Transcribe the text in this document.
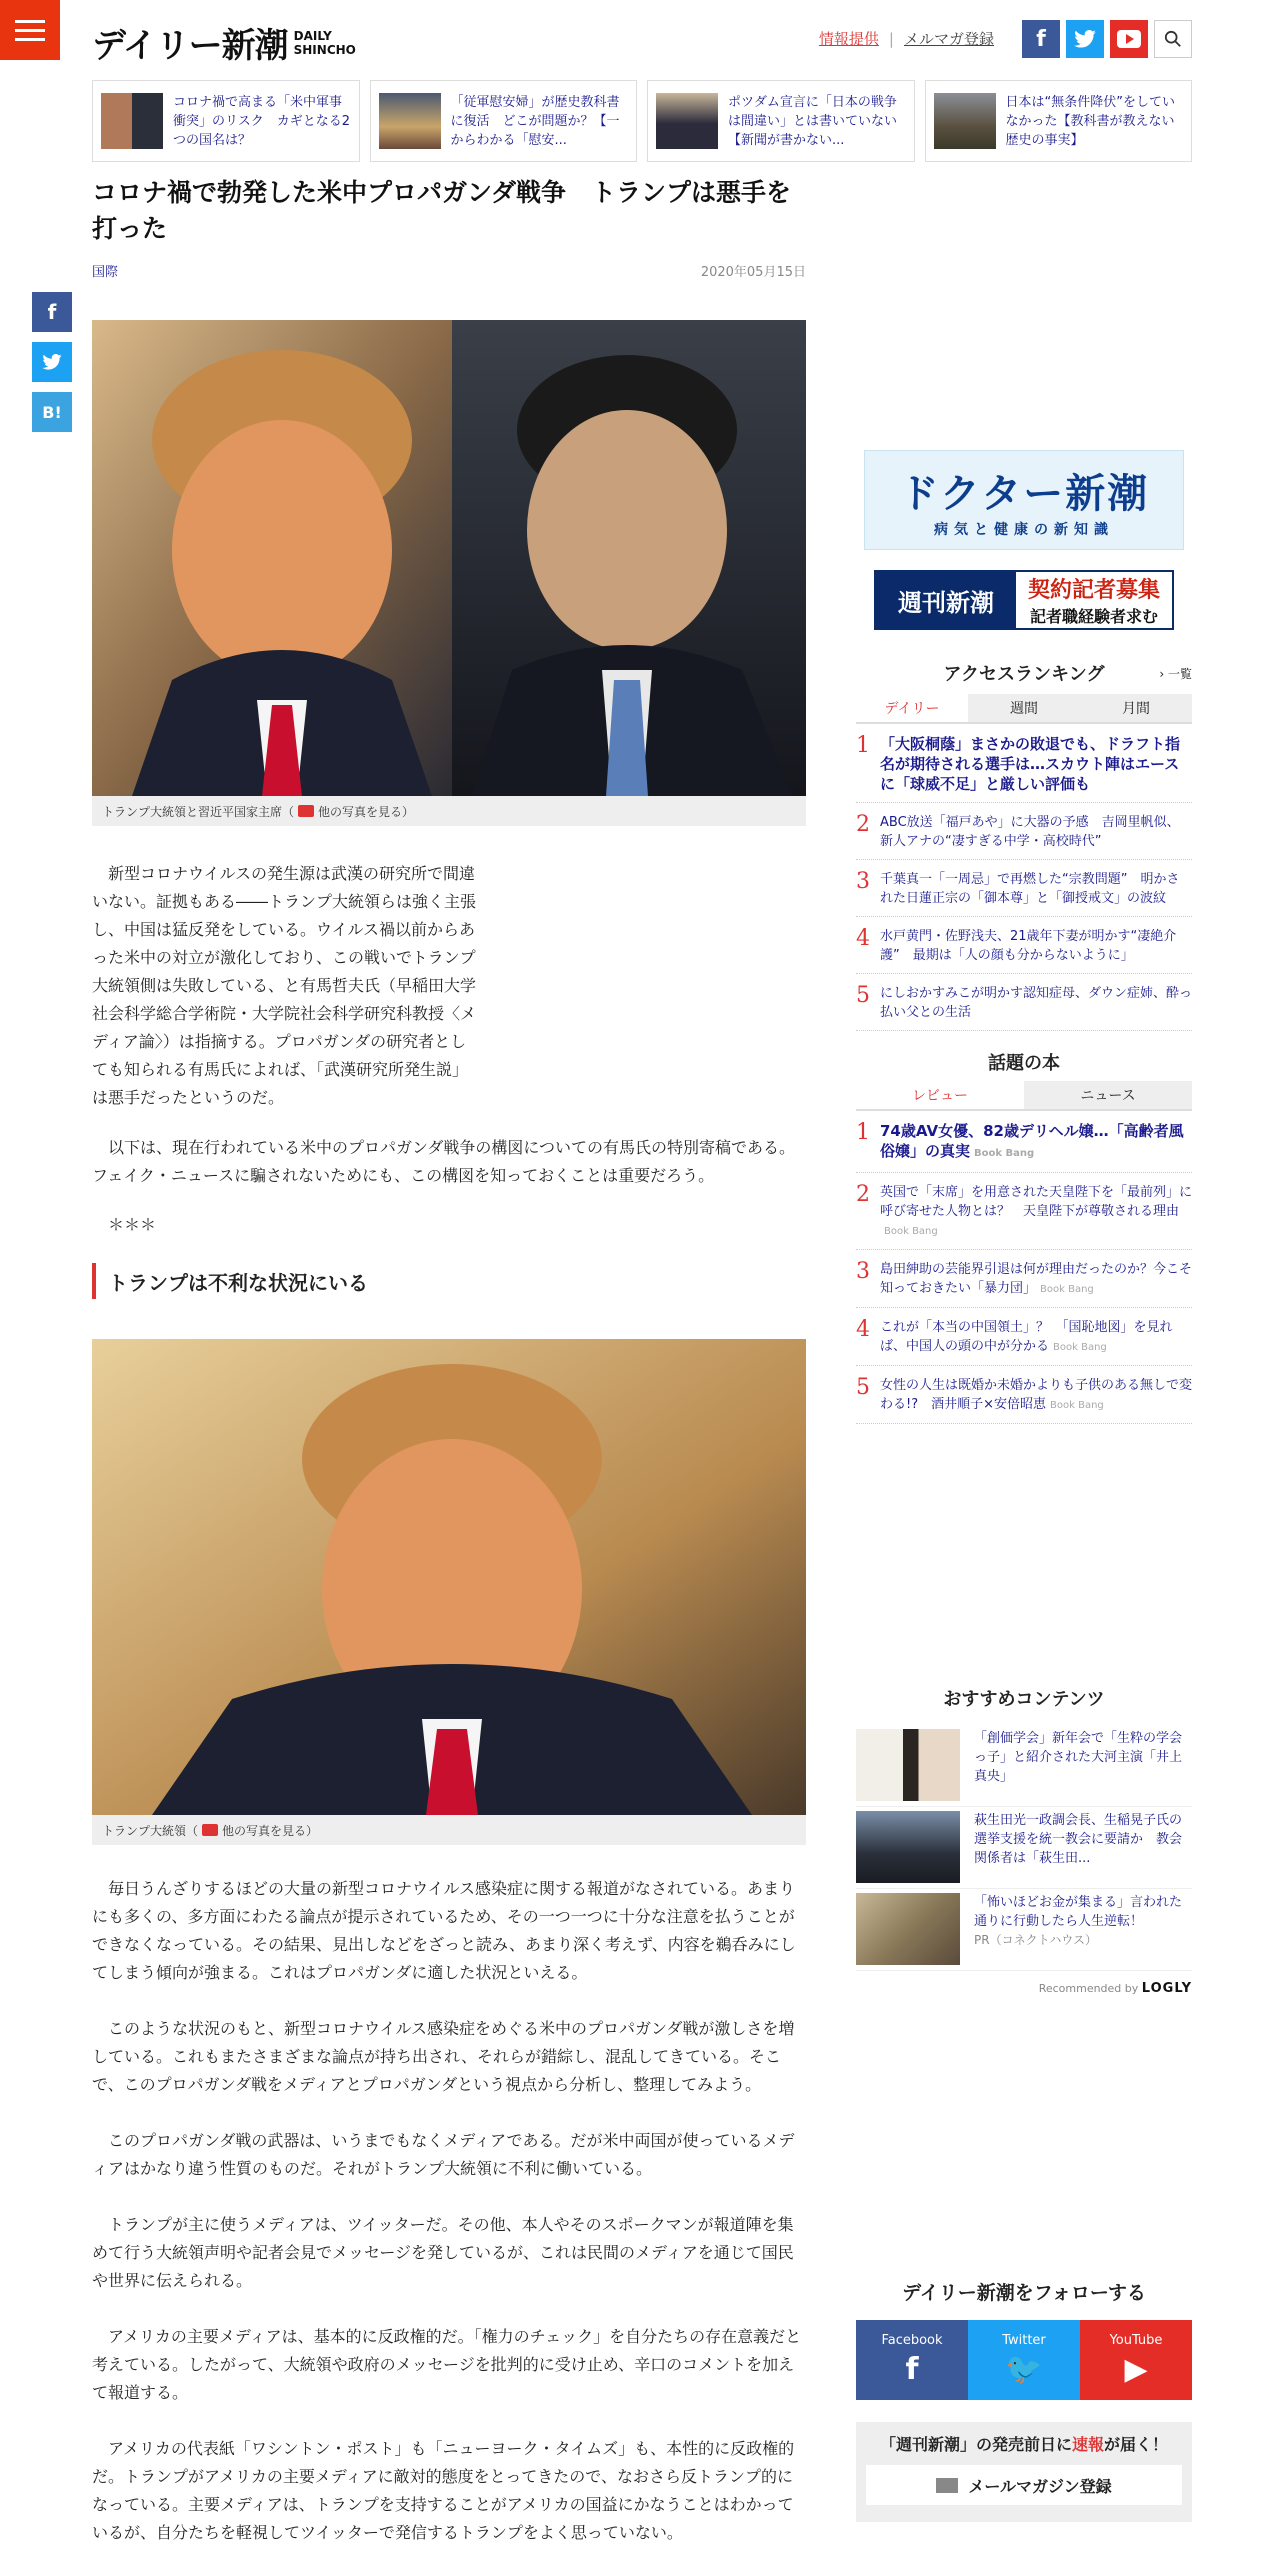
デイリー新潮 DAILY
SHINCHO
情報提供 | メルマガ登録	f
コロナ禍で高まる「米中軍事衝突」のリスク　カギとなる2つの国名は？
「従軍慰安婦」が歴史教科書に復活　どこが問題か？【一からわかる「慰安...
ポツダム宣言に「日本の戦争は間違い」とは書いていない【新聞が書かない...
日本は“無条件降伏”をしていなかった【教科書が教えない歴史の事実】
f
B!
コロナ禍で勃発した米中プロパガンダ戦争　トランプは悪手を打った
国際	2020年05月15日
トランプ大統領と習近平国家主席（ 他の写真を見る）

新型コロナウイルスの発生源は武漢の研究所で間違いない。証拠もある――トランプ大統領らは強く主張し、中国は猛反発をしている。ウイルス禍以前からあった米中の対立が激化しており、この戦いでトランプ大統領側は失敗している、と有馬哲夫氏（早稲田大学社会科学総合学術院・大学院社会科学研究科教授〈メディア論〉）は指摘する。プロパガンダの研究者としても知られる有馬氏によれば、「武漢研究所発生説」は悪手だったというのだ。

以下は、現在行われている米中のプロパガンダ戦争の構図についての有馬氏の特別寄稿である。フェイク・ニュースに騙されないためにも、この構図を知っておくことは重要だろう。

＊＊＊

トランプは不利な状況にいる
トランプ大統領（ 他の写真を見る）

毎日うんざりするほどの大量の新型コロナウイルス感染症に関する報道がなされている。あまりにも多くの、多方面にわたる論点が提示されているため、その一つ一つに十分な注意を払うことができなくなっている。その結果、見出しなどをざっと読み、あまり深く考えず、内容を鵜呑みにしてしまう傾向が強まる。これはプロパガンダに適した状況といえる。

このような状況のもと、新型コロナウイルス感染症をめぐる米中のプロパガンダ戦が激しさを増している。これもまたさまざまな論点が持ち出され、それらが錯綜し、混乱してきている。そこで、このプロパガンダ戦をメディアとプロパガンダという視点から分析し、整理してみよう。

このプロパガンダ戦の武器は、いうまでもなくメディアである。だが米中両国が使っているメディアはかなり違う性質のものだ。それがトランプ大統領に不利に働いている。

トランプが主に使うメディアは、ツイッターだ。その他、本人やそのスポークマンが報道陣を集めて行う大統領声明や記者会見でメッセージを発しているが、これは民間のメディアを通じて国民や世界に伝えられる。

アメリカの主要メディアは、基本的に反政権的だ。「権力のチェック」を自分たちの存在意義だと考えている。したがって、大統領や政府のメッセージを批判的に受け止め、辛口のコメントを加えて報道する。

アメリカの代表紙「ワシントン・ポスト」も「ニューヨーク・タイムズ」も、本性的に反政権的だ。トランプがアメリカの主要メディアに敵対的態度をとってきたので、なおさら反トランプ的になっている。主要メディアは、トランプを支持することがアメリカの国益にかなうことはわかっているが、自分たちを軽視してツイッターで発信するトランプをよく思っていない。

ドクター新潮
病気と健康の新知識
週刊新潮	契約記者募集
記者職経験者求む
アクセスランキング	› 一覧
デイリー	週間	月間
1 「大阪桐蔭」まさかの敗退でも、ドラフト指名が期待される選手は…スカウト陣はエースに「球威不足」と厳しい評価も
2 ABC放送「福戸あや」に大器の予感　吉岡里帆似、新人アナの“凄すぎる中学・高校時代”
3 千葉真一「一周忌」で再燃した“宗教問題”　明かされた日蓮正宗の「御本尊」と「御授戒文」の波紋
4 水戸黄門・佐野浅夫、21歳年下妻が明かす“凄絶介護”　最期は「人の顔も分からないように」
5 にしおかすみこが明かす認知症母、ダウン症姉、酔っ払い父との生活
話題の本
レビュー	ニュース
1 74歳AV女優、82歳デリヘル嬢…「高齢者風俗嬢」の真実 Book Bang
2 英国で「末席」を用意された天皇陛下を「最前列」に呼び寄せた人物とは？　天皇陛下が尊敬される理由Book Bang
3 島田紳助の芸能界引退は何が理由だったのか？今こそ知っておきたい「暴力団」 Book Bang
4 これが「本当の中国領土」？　「国恥地図」を見れば、中国人の頭の中が分かる Book Bang
5 女性の人生は既婚か未婚かよりも子供のある無しで変わる!?　酒井順子×安倍昭恵 Book Bang
おすすめコンテンツ
「創価学会」新年会で「生粋の学会っ子」と紹介された大河主演「井上真央」
萩生田光一政調会長、生稲晃子氏の選挙支援を統一教会に要請か　教会関係者は「萩生田...
「怖いほどお金が集まる」言われた通りに行動したら人生逆転！
PR（コネクトハウス）
Recommended by LOGLY
デイリー新潮をフォローする
Facebook
f
Twitter
🐦
YouTube
▶
「週刊新潮」の発売前日に速報が届く！
メールマガジン登録
